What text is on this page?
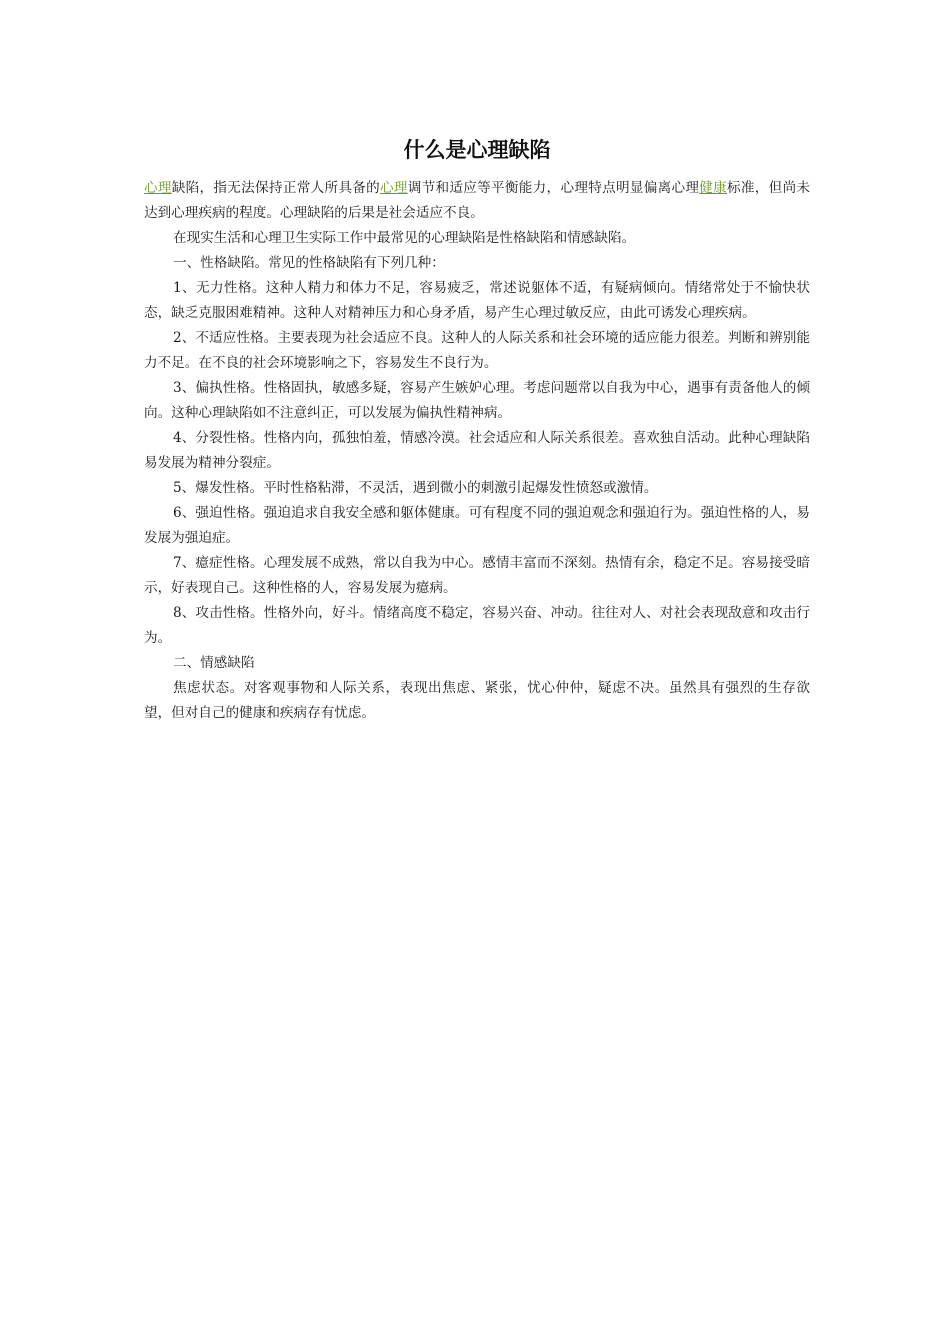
什么是心理缺陷

心理缺陷，指无法保持正常人所具备的心理调节和适应等平衡能力，心理特点明显偏离心理健康标准，但尚未达到心理疾病的程度。心理缺陷的后果是社会适应不良。

在现实生活和心理卫生实际工作中最常见的心理缺陷是性格缺陷和情感缺陷。

一、性格缺陷。常见的性格缺陷有下列几种：

1、无力性格。这种人精力和体力不足，容易疲乏，常述说躯体不适，有疑病倾向。情绪常处于不愉快状态，缺乏克服困难精神。这种人对精神压力和心身矛盾，易产生心理过敏反应，由此可诱发心理疾病。

2、不适应性格。主要表现为社会适应不良。这种人的人际关系和社会环境的适应能力很差。判断和辨别能力不足。在不良的社会环境影响之下，容易发生不良行为。

3、偏执性格。性格固执，敏感多疑，容易产生嫉妒心理。考虑问题常以自我为中心，遇事有责备他人的倾向。这种心理缺陷如不注意纠正，可以发展为偏执性精神病。

4、分裂性格。性格内向，孤独怕羞，情感冷漠。社会适应和人际关系很差。喜欢独自活动。此种心理缺陷易发展为精神分裂症。

5、爆发性格。平时性格粘滞，不灵活，遇到微小的刺激引起爆发性愤怒或激情。

6、强迫性格。强迫追求自我安全感和躯体健康。可有程度不同的强迫观念和强迫行为。强迫性格的人，易发展为强迫症。

7、癔症性格。心理发展不成熟，常以自我为中心。感情丰富而不深刻。热情有余，稳定不足。容易接受暗示，好表现自己。这种性格的人，容易发展为癔病。

8、攻击性格。性格外向，好斗。情绪高度不稳定，容易兴奋、冲动。往往对人、对社会表现敌意和攻击行为。

二、情感缺陷

焦虑状态。对客观事物和人际关系，表现出焦虑、紧张，忧心仲仲，疑虑不决。虽然具有强烈的生存欲望，但对自己的健康和疾病存有忧虑。
